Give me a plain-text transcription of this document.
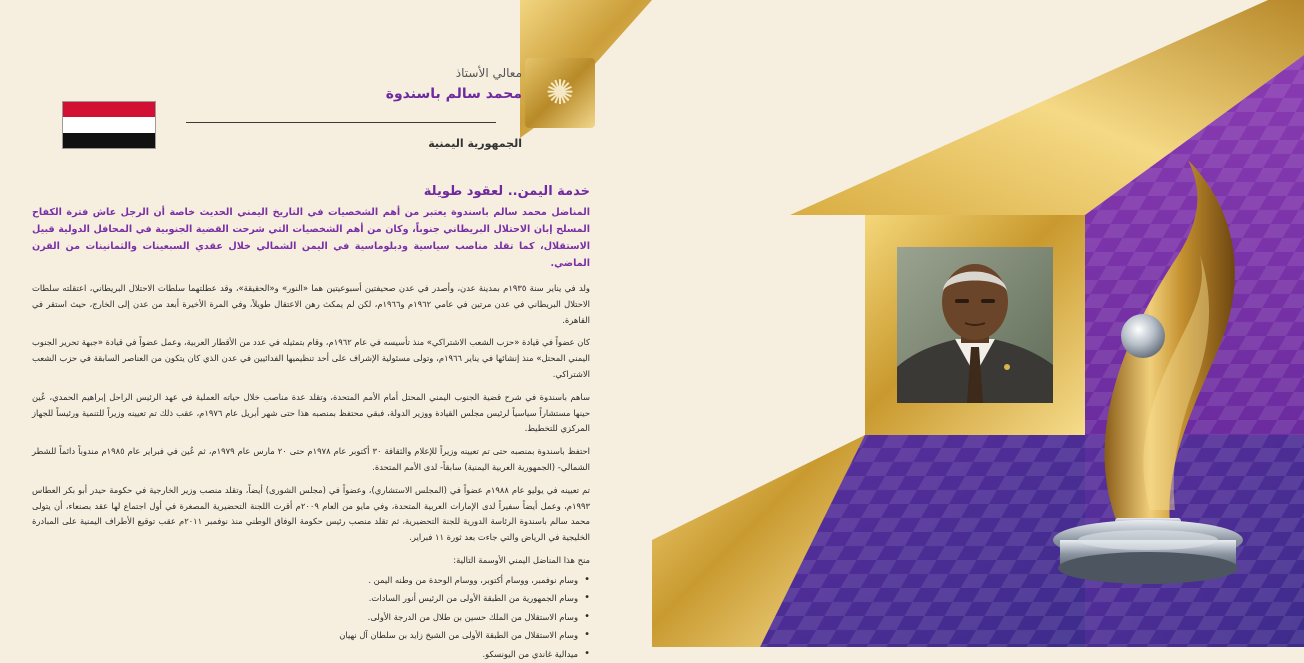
✺
معالي الأستاذ
محمد سالم باسندوة
الجمهورية اليمنية
خدمة اليمن.. لعقود طويلة
المناضل محمد سالم باسندوة يعتبر من أهم الشخصيات في التاريخ اليمني الحديث خاصة أن الرجل عاش فترة الكفاح المسلح إبان الاحتلال البريطاني جنوباً، وكان من أهم الشخصيات التي شرحت القضية الجنوبية في المحافل الدولية قبيل الاستقلال، كما تقلد مناصب سياسية ودبلوماسية في اليمن الشمالي خلال عقدي السبعينات والثمانينات من القرن الماضي.
ولد في يناير سنة ١٩٣٥م بمدينة عدن، وأصدر في عدن صحيفتين أسبوعيتين هما «النور» و«الحقيقة»، وقد عطلتهما سلطات الاحتلال البريطاني، اعتقلته سلطات الاحتلال البريطاني في عدن مرتين في عامي ١٩٦٢م و١٩٦٦م، لكن لم يمكث رهن الاعتقال طويلاً، وفي المرة الأخيرة أبعد من عدن إلى الخارج، حيث استقر في القاهرة.
كان عضواً في قيادة «حزب الشعب الاشتراكي» منذ تأسيسه في عام ١٩٦٢م، وقام بتمثيله في عدد من الأقطار العربية، وعمل عضواً في قيادة «جبهة تحرير الجنوب اليمني المحتل» منذ إنشائها في يناير ١٩٦٦م، وتولى مسئولية الإشراف على أحد تنظيميها الفدائيين في عدن الذي كان يتكون من العناصر السابقة في حزب الشعب الاشتراكي.
ساهم باسندوة في شرح قضية الجنوب اليمني المحتل أمام الأمم المتحدة، وتقلد عدة مناصب خلال حياته العملية في عهد الرئيس الراحل إبراهيم الحمدي، عُين حينها مستشاراً سياسياً لرئيس مجلس القيادة ووزير الدولة، فبقي محتفظ بمنصبه هذا حتى شهر أبريل عام ١٩٧٦م، عقب ذلك تم تعيينه وزيراً للتنمية ورئيساً للجهاز المركزي للتخطيط.
احتفظ باسندوة بمنصبه حتى تم تعيينه وزيراً للإعلام والثقافة ٣٠ أكتوبر عام ١٩٧٨م حتى ٢٠ مارس عام ١٩٧٩م، ثم عُين في فبراير عام ١٩٨٥م مندوباً دائماً للشطر الشمالي- (الجمهورية العربية اليمنية) سابقاً- لدى الأمم المتحدة.
تم تعيينه في يوليو عام ١٩٨٨م عضواً في (المجلس الاستشاري)، وعضواً في (مجلس الشورى) أيضاً، وتقلد منصب وزير الخارجية في حكومة حيدر أبو بكر العطاس ١٩٩٣م، وعمل أيضاً سفيراً لدى الإمارات العربية المتحدة، وفي مايو من العام ٢٠٠٩م أقرت اللجنة التحضيرية المصغرة في أول اجتماع لها عقد بصنعاء، أن يتولى محمد سالم باسندوة الرئاسة الدورية للجنة التحضيرية، ثم تقلد منصب رئيس حكومة الوفاق الوطني منذ نوفمبر ٢٠١١م عقب توقيع الأطراف اليمنية على المبادرة الخليجية في الرياض والتي جاءت بعد ثورة ١١ فبراير.
منح هذا المناضل اليمني الأوسمة التالية:
• وسام نوفمبر، ووسام أكتوبر، ووسام الوحدة من وطنه اليمن .
• وسام الجمهورية من الطبقة الأولى من الرئيس أنور السادات.
• وسام الاستقلال من الملك حسين بن طلال من الدرجة الأولى.
• وسام الاستقلال من الطبقة الأولى من الشيخ زايد بن سلطان آل نهيان
• ميدالية غاندي من اليونسكو.
